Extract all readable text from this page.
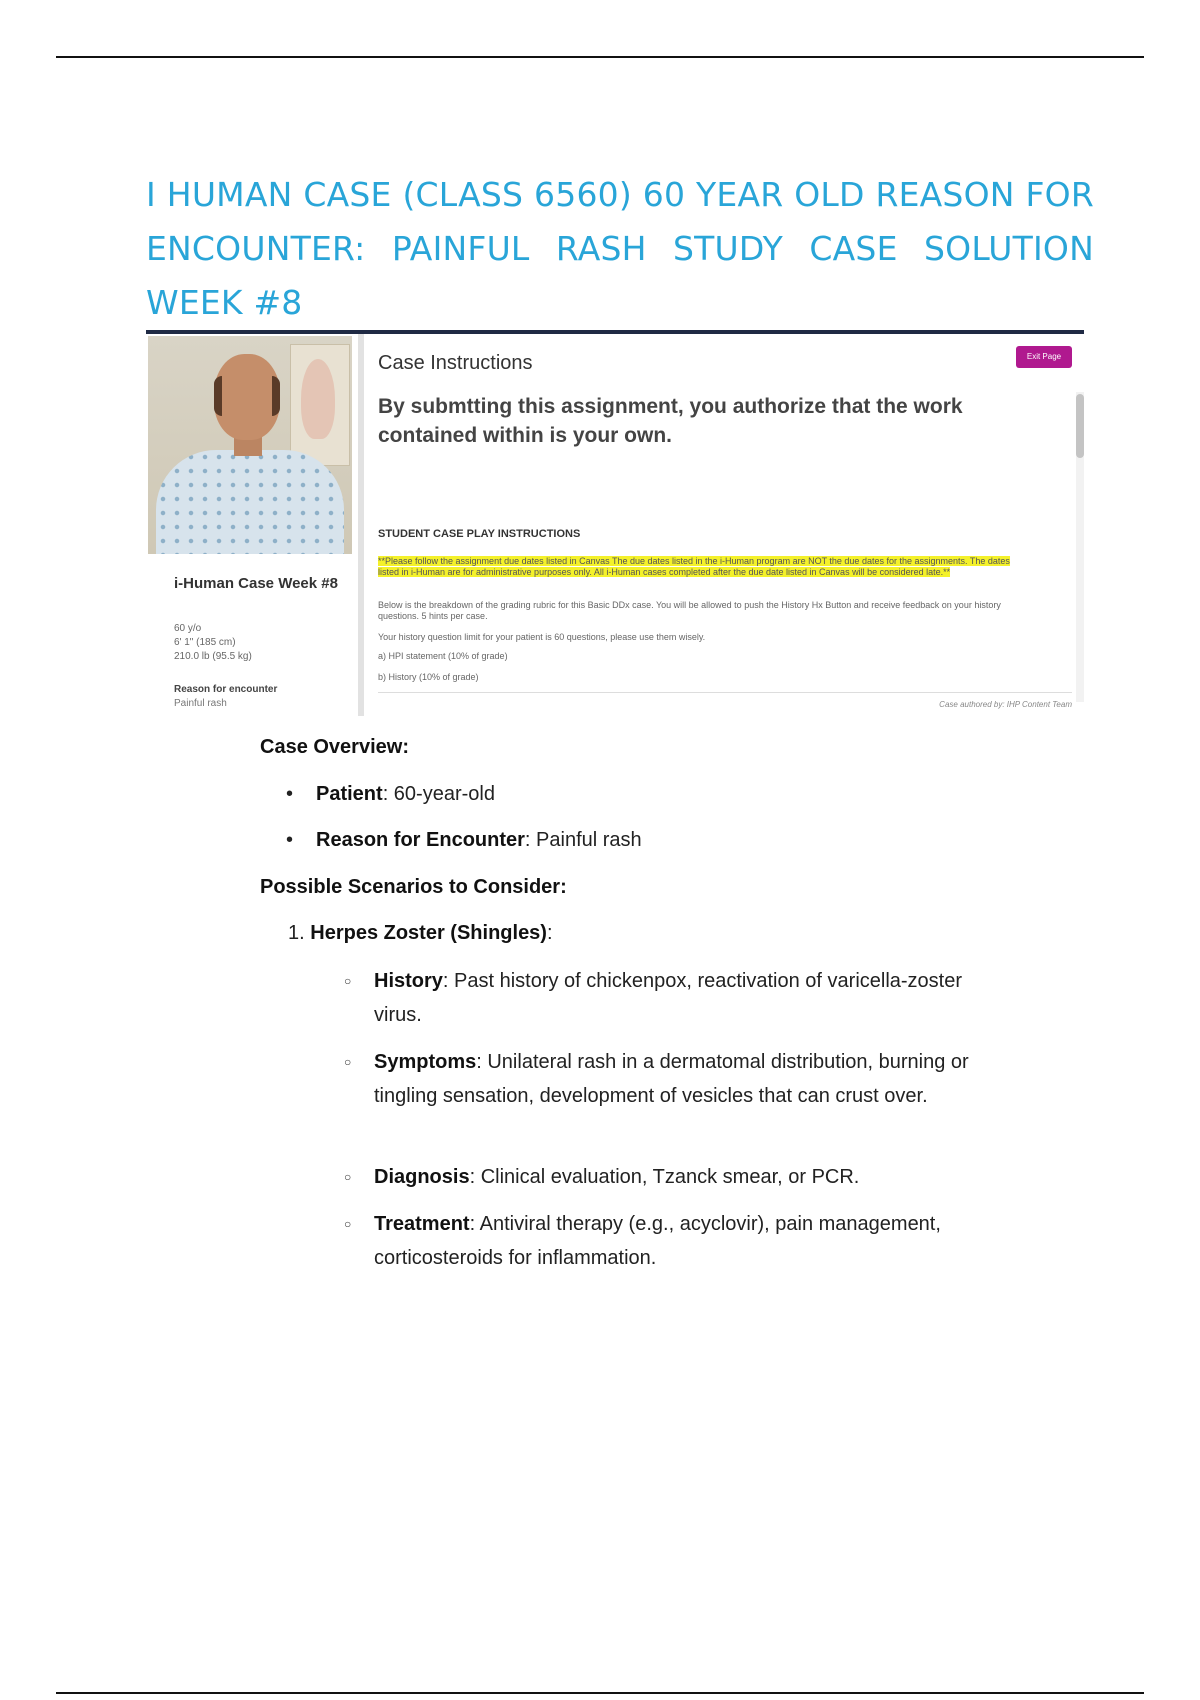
I HUMAN CASE (CLASS 6560) 60 YEAR OLD REASON FOR ENCOUNTER: PAINFUL RASH STUDY CASE SOLUTION WEEK #8

i-Human Case Week #8

60 y/o
6' 1" (185 cm)
210.0 lb (95.5 kg)
Reason for encounter
Painful rash
Case Instructions	Exit Page

By submtting this assignment, you authorize that the work contained within is your own.

STUDENT CASE PLAY INSTRUCTIONS
**Please follow the assignment due dates listed in Canvas The due dates listed in the i-Human program are NOT the due dates for the assignments. The dates listed in i-Human are for administrative purposes only. All i-Human cases completed after the due date listed in Canvas will be considered late.**

Below is the breakdown of the grading rubric for this Basic DDx case. You will be allowed to push the History Hx Button and receive feedback on your history questions. 5 hints per case.

Your history question limit for your patient is 60 questions, please use them wisely.

a) HPI statement (10% of grade)

b) History (10% of grade)

Case authored by: IHP Content Team
Case Overview:
• Patient: 60-year-old
• Reason for Encounter: Painful rash
Possible Scenarios to Consider:
1. Herpes Zoster (Shingles):
○ History: Past history of chickenpox, reactivation of varicella-zoster virus.
○ Symptoms: Unilateral rash in a dermatomal distribution, burning or tingling sensation, development of vesicles that can crust over.
○ Diagnosis: Clinical evaluation, Tzanck smear, or PCR.
○ Treatment: Antiviral therapy (e.g., acyclovir), pain management, corticosteroids for inflammation.
